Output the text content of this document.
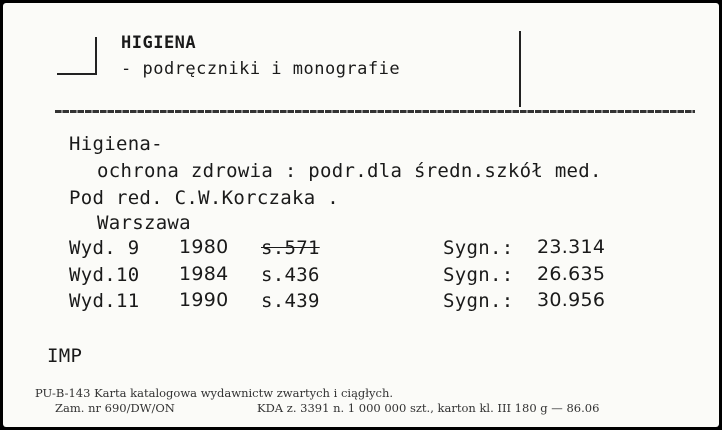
HIGIENA
- podręczniki i monografie
Higiena-
ochrona zdrowia : podr.dla średn.szkół med.
Pod red. C.W.Korczaka .
Warszawa
Wyd. 9 1980 s.571	Sygn.: 23.314
Wyd.10 1984 s.436	Sygn.: 26.635
Wyd.11 1990 s.439	Sygn.: 30.956
IMP
PU-B-143 Karta katalogowa wydawnictw zwartych i ciągłych.
Zam. nr 690/DW/ON	KDA z. 3391 n. 1 000 000 szt., karton kl. III 180 g — 86.06
